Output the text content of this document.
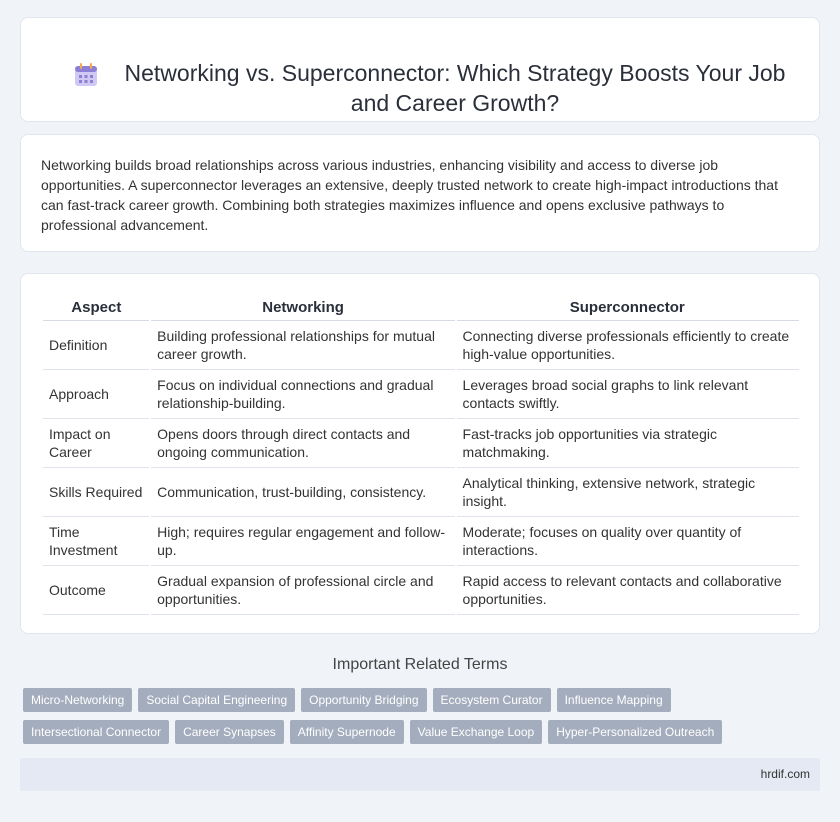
Networking vs. Superconnector: Which Strategy Boosts Your Job and Career Growth?

Networking builds broad relationships across various industries, enhancing visibility and access to diverse job opportunities. A superconnector leverages an extensive, deeply trusted network to create high-impact introductions that can fast-track career growth. Combining both strategies maximizes influence and opens exclusive pathways to professional advancement.

Aspect	Networking	Superconnector
Definition	Building professional relationships for mutual career growth.	Connecting diverse professionals efficiently to create high-value opportunities.
Approach	Focus on individual connections and gradual relationship-building.	Leverages broad social graphs to link relevant contacts swiftly.
Impact on Career	Opens doors through direct contacts and ongoing communication.	Fast-tracks job opportunities via strategic matchmaking.
Skills Required	Communication, trust-building, consistency.	Analytical thinking, extensive network, strategic insight.
Time Investment	High; requires regular engagement and follow-up.	Moderate; focuses on quality over quantity of interactions.
Outcome	Gradual expansion of professional circle and opportunities.	Rapid access to relevant contacts and collaborative opportunities.
Important Related Terms
Micro-Networking Social Capital Engineering Opportunity Bridging Ecosystem Curator Influence Mapping
Intersectional Connector Career Synapses Affinity Supernode Value Exchange Loop Hyper-Personalized Outreach
hrdif.com
